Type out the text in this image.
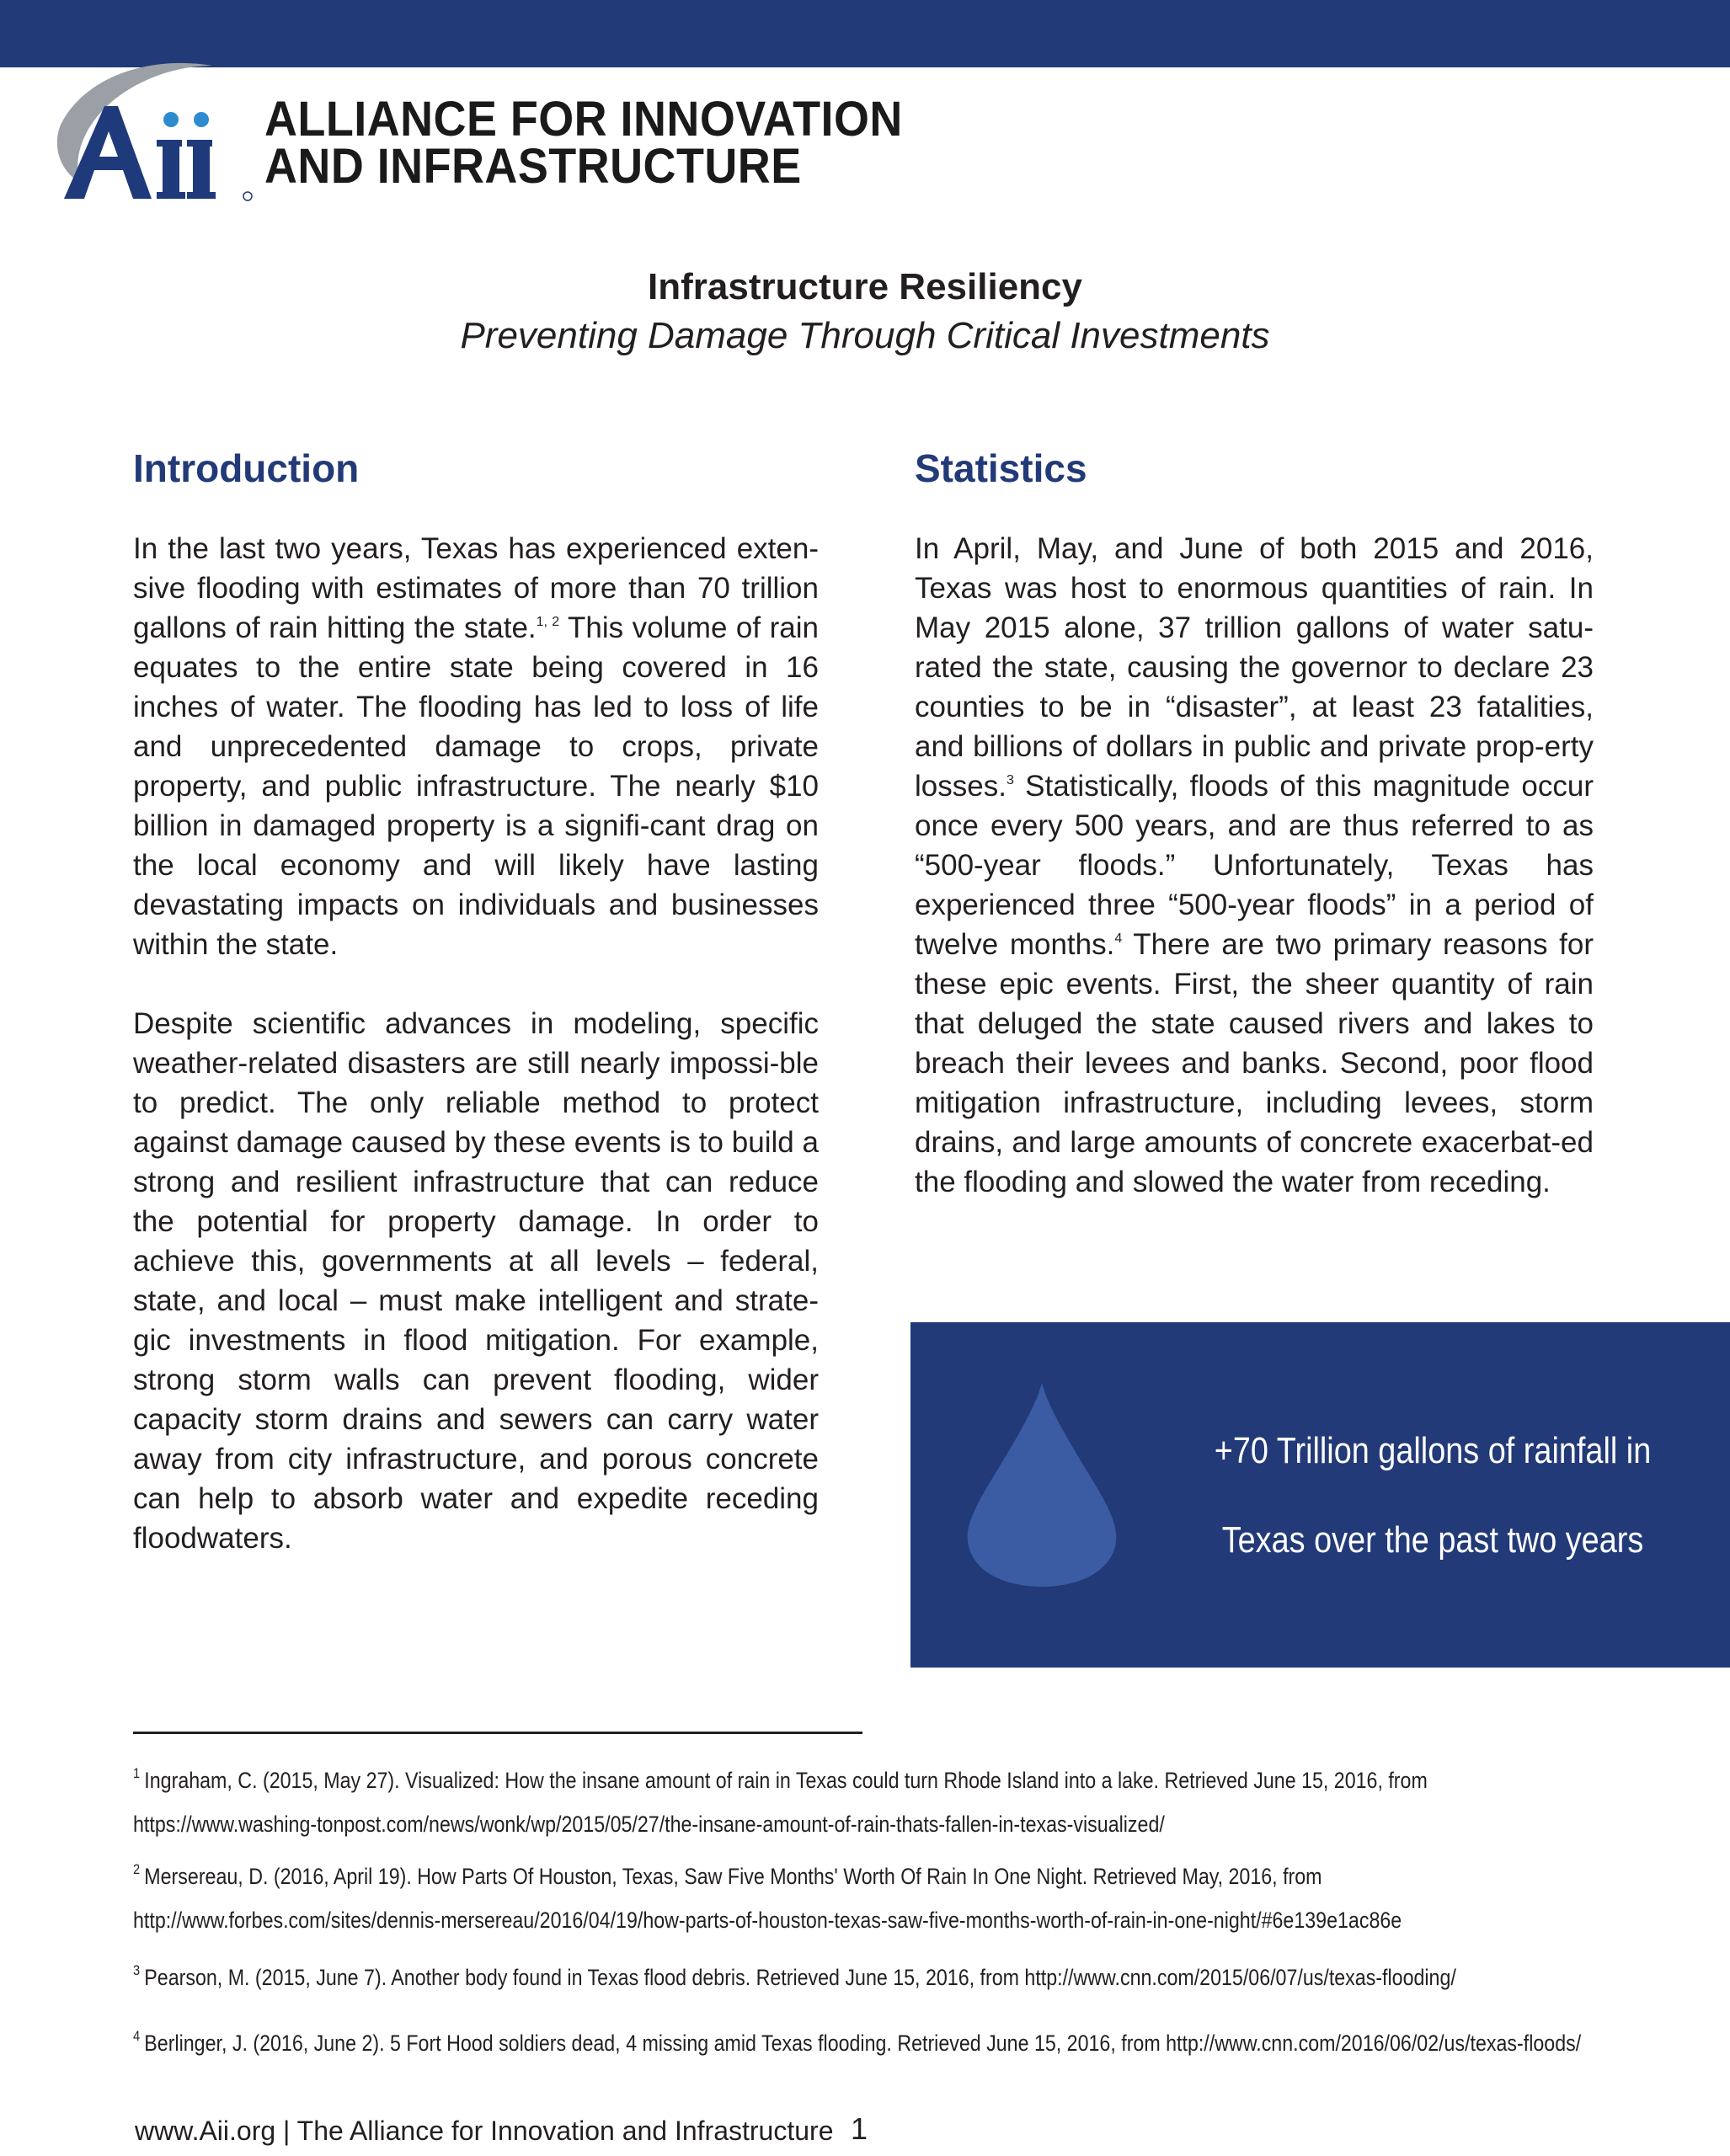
ALLIANCE FOR INNOVATION
AND INFRASTRUCTURE
Infrastructure Resiliency
Preventing Damage Through Critical Investments
Introduction	Statistics

In the last two years, Texas has experienced exten-sive flooding with estimates of more than 70 trillion gallons of rain hitting the state.$^{1, 2}$ This volume of rain equates to the entire state being covered in 16 inches of water. The flooding has led to loss of life and unprecedented damage to crops, private property, and public infrastructure. The nearly $10 billion in damaged property is a signifi-cant drag on the local economy and will likely have lasting devastating impacts on individuals and businesses within the state.

Despite scientific advances in modeling, specific weather-related disasters are still nearly impossi-ble to predict. The only reliable method to protect against damage caused by these events is to build a strong and resilient infrastructure that can reduce the potential for property damage. In order to achieve this, governments at all levels – federal, state, and local – must make intelligent and strate-gic investments in flood mitigation. For example, strong storm walls can prevent flooding, wider capacity storm drains and sewers can carry water away from city infrastructure, and porous concrete can help to absorb water and expedite receding floodwaters.

In April, May, and June of both 2015 and 2016, Texas was host to enormous quantities of rain. In May 2015 alone, 37 trillion gallons of water satu-rated the state, causing the governor to declare 23 counties to be in “disaster”, at least 23 fatalities, and billions of dollars in public and private prop-erty losses.$^3$ Statistically, floods of this magnitude occur once every 500 years, and are thus referred to as “500-year floods.” Unfortunately, Texas has experienced three “500-year floods” in a period of twelve months.$^4$ There are two primary reasons for these epic events. First, the sheer quantity of rain that deluged the state caused rivers and lakes to breach their levees and banks. Second, poor flood mitigation infrastructure, including levees, storm drains, and large amounts of concrete exacerbat-ed the flooding and slowed the water from receding.

+70 Trillion gallons of rainfall in
Texas over the past two years
$^1$ Ingraham, C. (2015, May 27). Visualized: How the insane amount of rain in Texas could turn Rhode Island into a lake. Retrieved June 15, 2016, from https://www.washing-tonpost.com/news/wonk/wp/2015/05/27/the-insane-amount-of-rain-thats-fallen-in-texas-visualized/
$^2$ Mersereau, D. (2016, April 19). How Parts Of Houston, Texas, Saw Five Months' Worth Of Rain In One Night. Retrieved May, 2016, from http://www.forbes.com/sites/dennis-mersereau/2016/04/19/how-parts-of-houston-texas-saw-five-months-worth-of-rain-in-one-night/#6e139e1ac86e
$^3$ Pearson, M. (2015, June 7). Another body found in Texas flood debris. Retrieved June 15, 2016, from http://www.cnn.com/2015/06/07/us/texas-flooding/
$^4$ Berlinger, J. (2016, June 2). 5 Fort Hood soldiers dead, 4 missing amid Texas flooding. Retrieved June 15, 2016, from http://www.cnn.com/2016/06/02/us/texas-floods/
www.Aii.org | The Alliance for Innovation and Infrastructure 1
